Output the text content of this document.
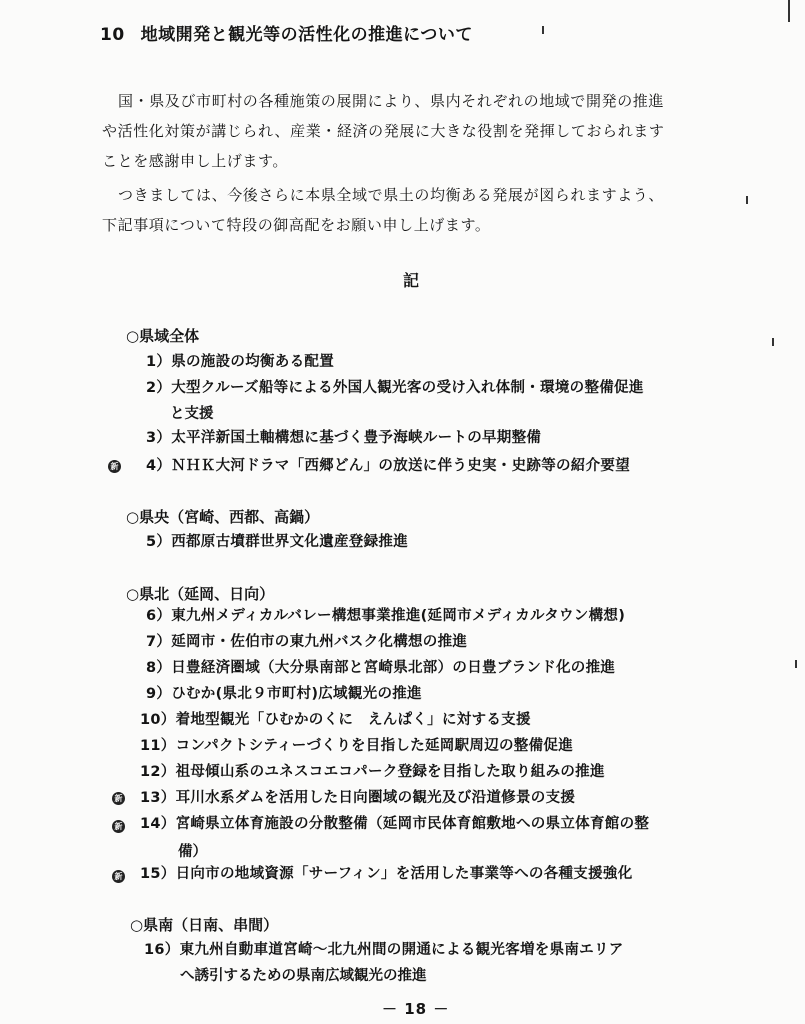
10 地域開発と観光等の活性化の推進について
国・県及び市町村の各種施策の展開により、県内それぞれの地域で開発の推進
や活性化対策が講じられ、産業・経済の発展に大きな役割を発揮しておられます
ことを感謝申し上げます。
つきましては、今後さらに本県全域で県土の均衡ある発展が図られますよう、
下記事項について特段の御高配をお願い申し上げます。
記
○県域全体
1）県の施設の均衡ある配置
2）大型クルーズ船等による外国人観光客の受け入れ体制・環境の整備促進
と支援
3）太平洋新国土軸構想に基づく豊予海峡ルートの早期整備
新 4）ＮＨＫ大河ドラマ「西郷どん」の放送に伴う史実・史跡等の紹介要望
○県央（宮崎、西都、高鍋）
5）西都原古墳群世界文化遺産登録推進
○県北（延岡、日向）
6）東九州メディカルバレー構想事業推進(延岡市メディカルタウン構想)
7）延岡市・佐伯市の東九州バスク化構想の推進
8）日豊経済圏域（大分県南部と宮崎県北部）の日豊ブランド化の推進
9）ひむか(県北９市町村)広域観光の推進
10）着地型観光「ひむかのくに　えんぱく」に対する支援
11）コンパクトシティーづくりを目指した延岡駅周辺の整備促進
12）祖母傾山系のユネスコエコパーク登録を目指した取り組みの推進
新 13）耳川水系ダムを活用した日向圏域の観光及び沿道修景の支援
新 14）宮崎県立体育施設の分散整備（延岡市民体育館敷地への県立体育館の整
備）
新 15）日向市の地域資源「サーフィン」を活用した事業等への各種支援強化
○県南（日南、串間）
16）東九州自動車道宮崎～北九州間の開通による観光客増を県南エリア
へ誘引するための県南広域観光の推進
－ 18 －
